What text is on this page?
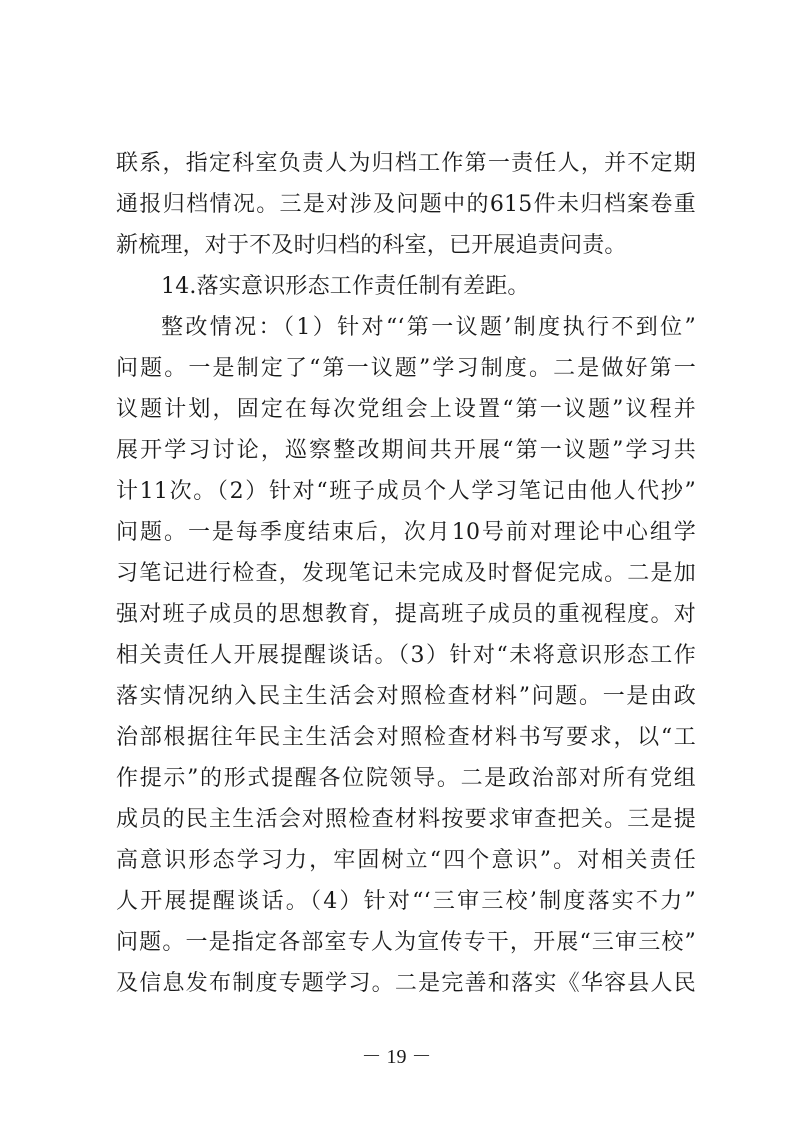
联系，指定科室负责人为归档工作第一责任人，并不定期
通报归档情况。三是对涉及问题中的615件未归档案卷重
新梳理，对于不及时归档的科室，已开展追责问责。
14.落实意识形态工作责任制有差距。
整改情况：（1）针对“‘第一议题’制度执行不到位”
问题。一是制定了“第一议题”学习制度。二是做好第一
议题计划，固定在每次党组会上设置“第一议题”议程并
展开学习讨论，巡察整改期间共开展“第一议题”学习共
计11次。（2）针对“班子成员个人学习笔记由他人代抄”
问题。一是每季度结束后，次月10号前对理论中心组学
习笔记进行检查，发现笔记未完成及时督促完成。二是加
强对班子成员的思想教育，提高班子成员的重视程度。对
相关责任人开展提醒谈话。（3）针对“未将意识形态工作
落实情况纳入民主生活会对照检查材料”问题。一是由政
治部根据往年民主生活会对照检查材料书写要求，以“工
作提示”的形式提醒各位院领导。二是政治部对所有党组
成员的民主生活会对照检查材料按要求审查把关。三是提
高意识形态学习力，牢固树立“四个意识”。对相关责任
人开展提醒谈话。（4）针对“‘三审三校’制度落实不力”
问题。一是指定各部室专人为宣传专干，开展“三审三校”
及信息发布制度专题学习。二是完善和落实《华容县人民
－ 19 －
